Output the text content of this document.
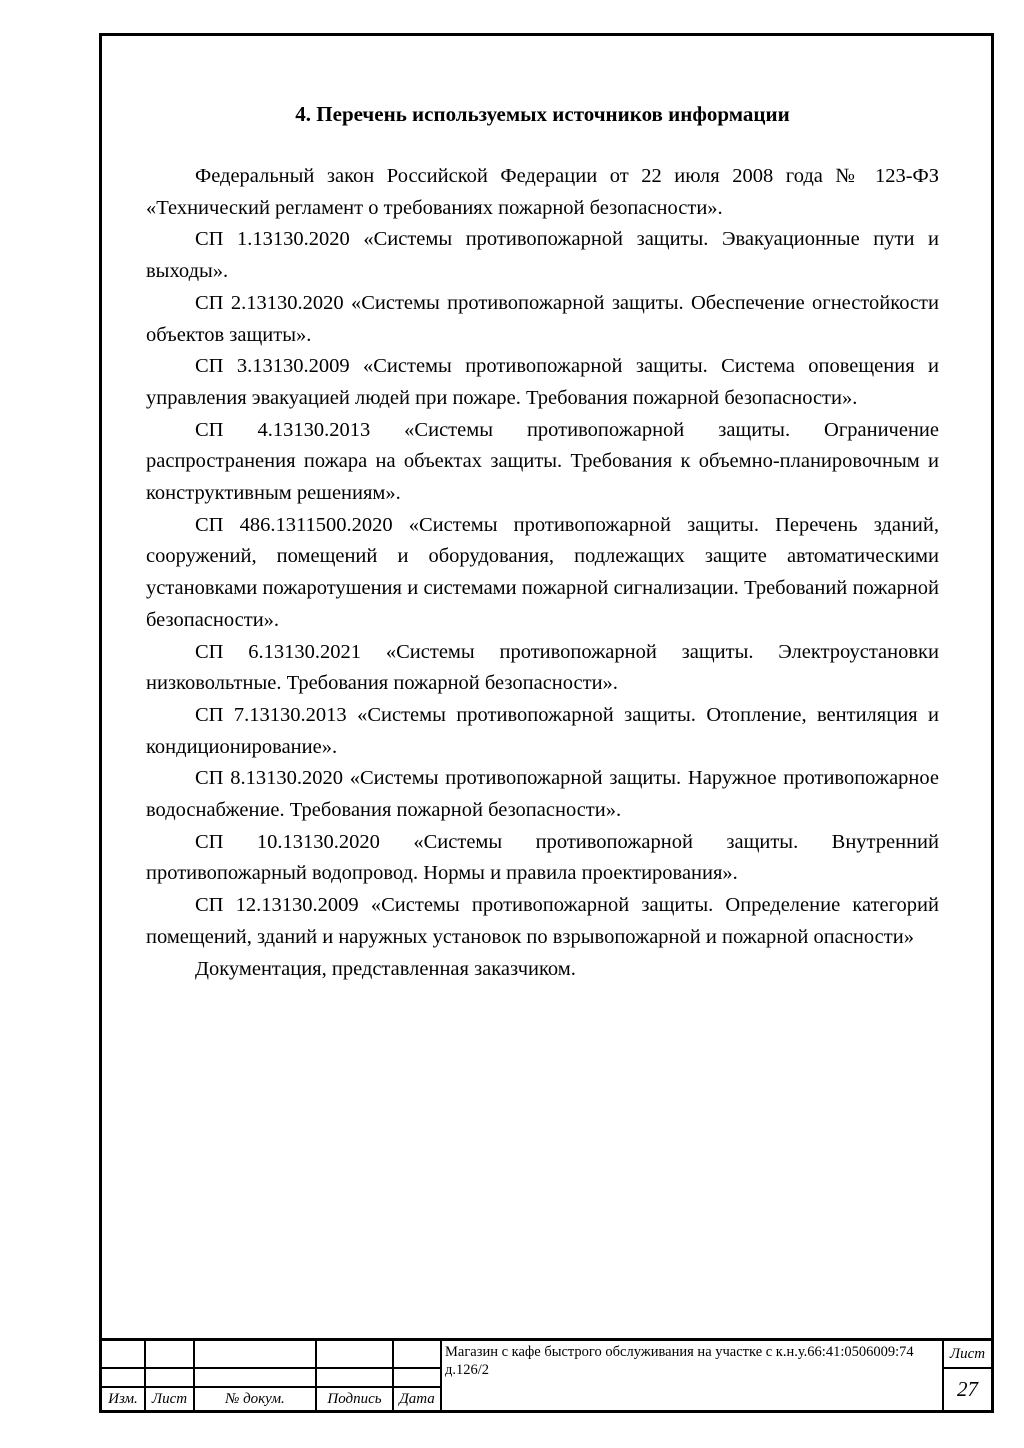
4. Перечень используемых источников информации

Федеральный закон Российской Федерации от 22 июля 2008 года № 123-ФЗ «Технический регламент о требованиях пожарной безопасности».

СП 1.13130.2020 «Системы противопожарной защиты. Эвакуационные пути и выходы».

СП 2.13130.2020 «Системы противопожарной защиты. Обеспечение огнестойкости объектов защиты».

СП 3.13130.2009 «Системы противопожарной защиты. Система оповещения и управления эвакуацией людей при пожаре. Требования пожарной безопасности».

СП 4.13130.2013 «Системы противопожарной защиты. Ограничение распространения пожара на объектах защиты. Требования к объемно-планировочным и конструктивным решениям».

СП 486.1311500.2020 «Системы противопожарной защиты. Перечень зданий, сооружений, помещений и оборудования, подлежащих защите автоматическими установками пожаротушения и системами пожарной сигнализации. Требований пожарной безопасности».

СП 6.13130.2021 «Системы противопожарной защиты. Электроустановки низковольтные. Требования пожарной безопасности».

СП 7.13130.2013 «Системы противопожарной защиты. Отопление, вентиляция и кондиционирование».

СП 8.13130.2020 «Системы противопожарной защиты. Наружное противопожарное водоснабжение. Требования пожарной безопасности».

СП 10.13130.2020 «Системы противопожарной защиты. Внутренний противопожарный водопровод. Нормы и правила проектирования».

СП 12.13130.2009 «Системы противопожарной защиты. Определение категорий помещений, зданий и наружных установок по взрывопожарной и пожарной опасности»

Документация, представленная заказчиком.

Магазин с кафе быстрого обслуживания на участке с к.н.у.66:41:0506009:74 д.126/2
Лист
27
Изм. Лист	№ докум.	Подпись	Дата
